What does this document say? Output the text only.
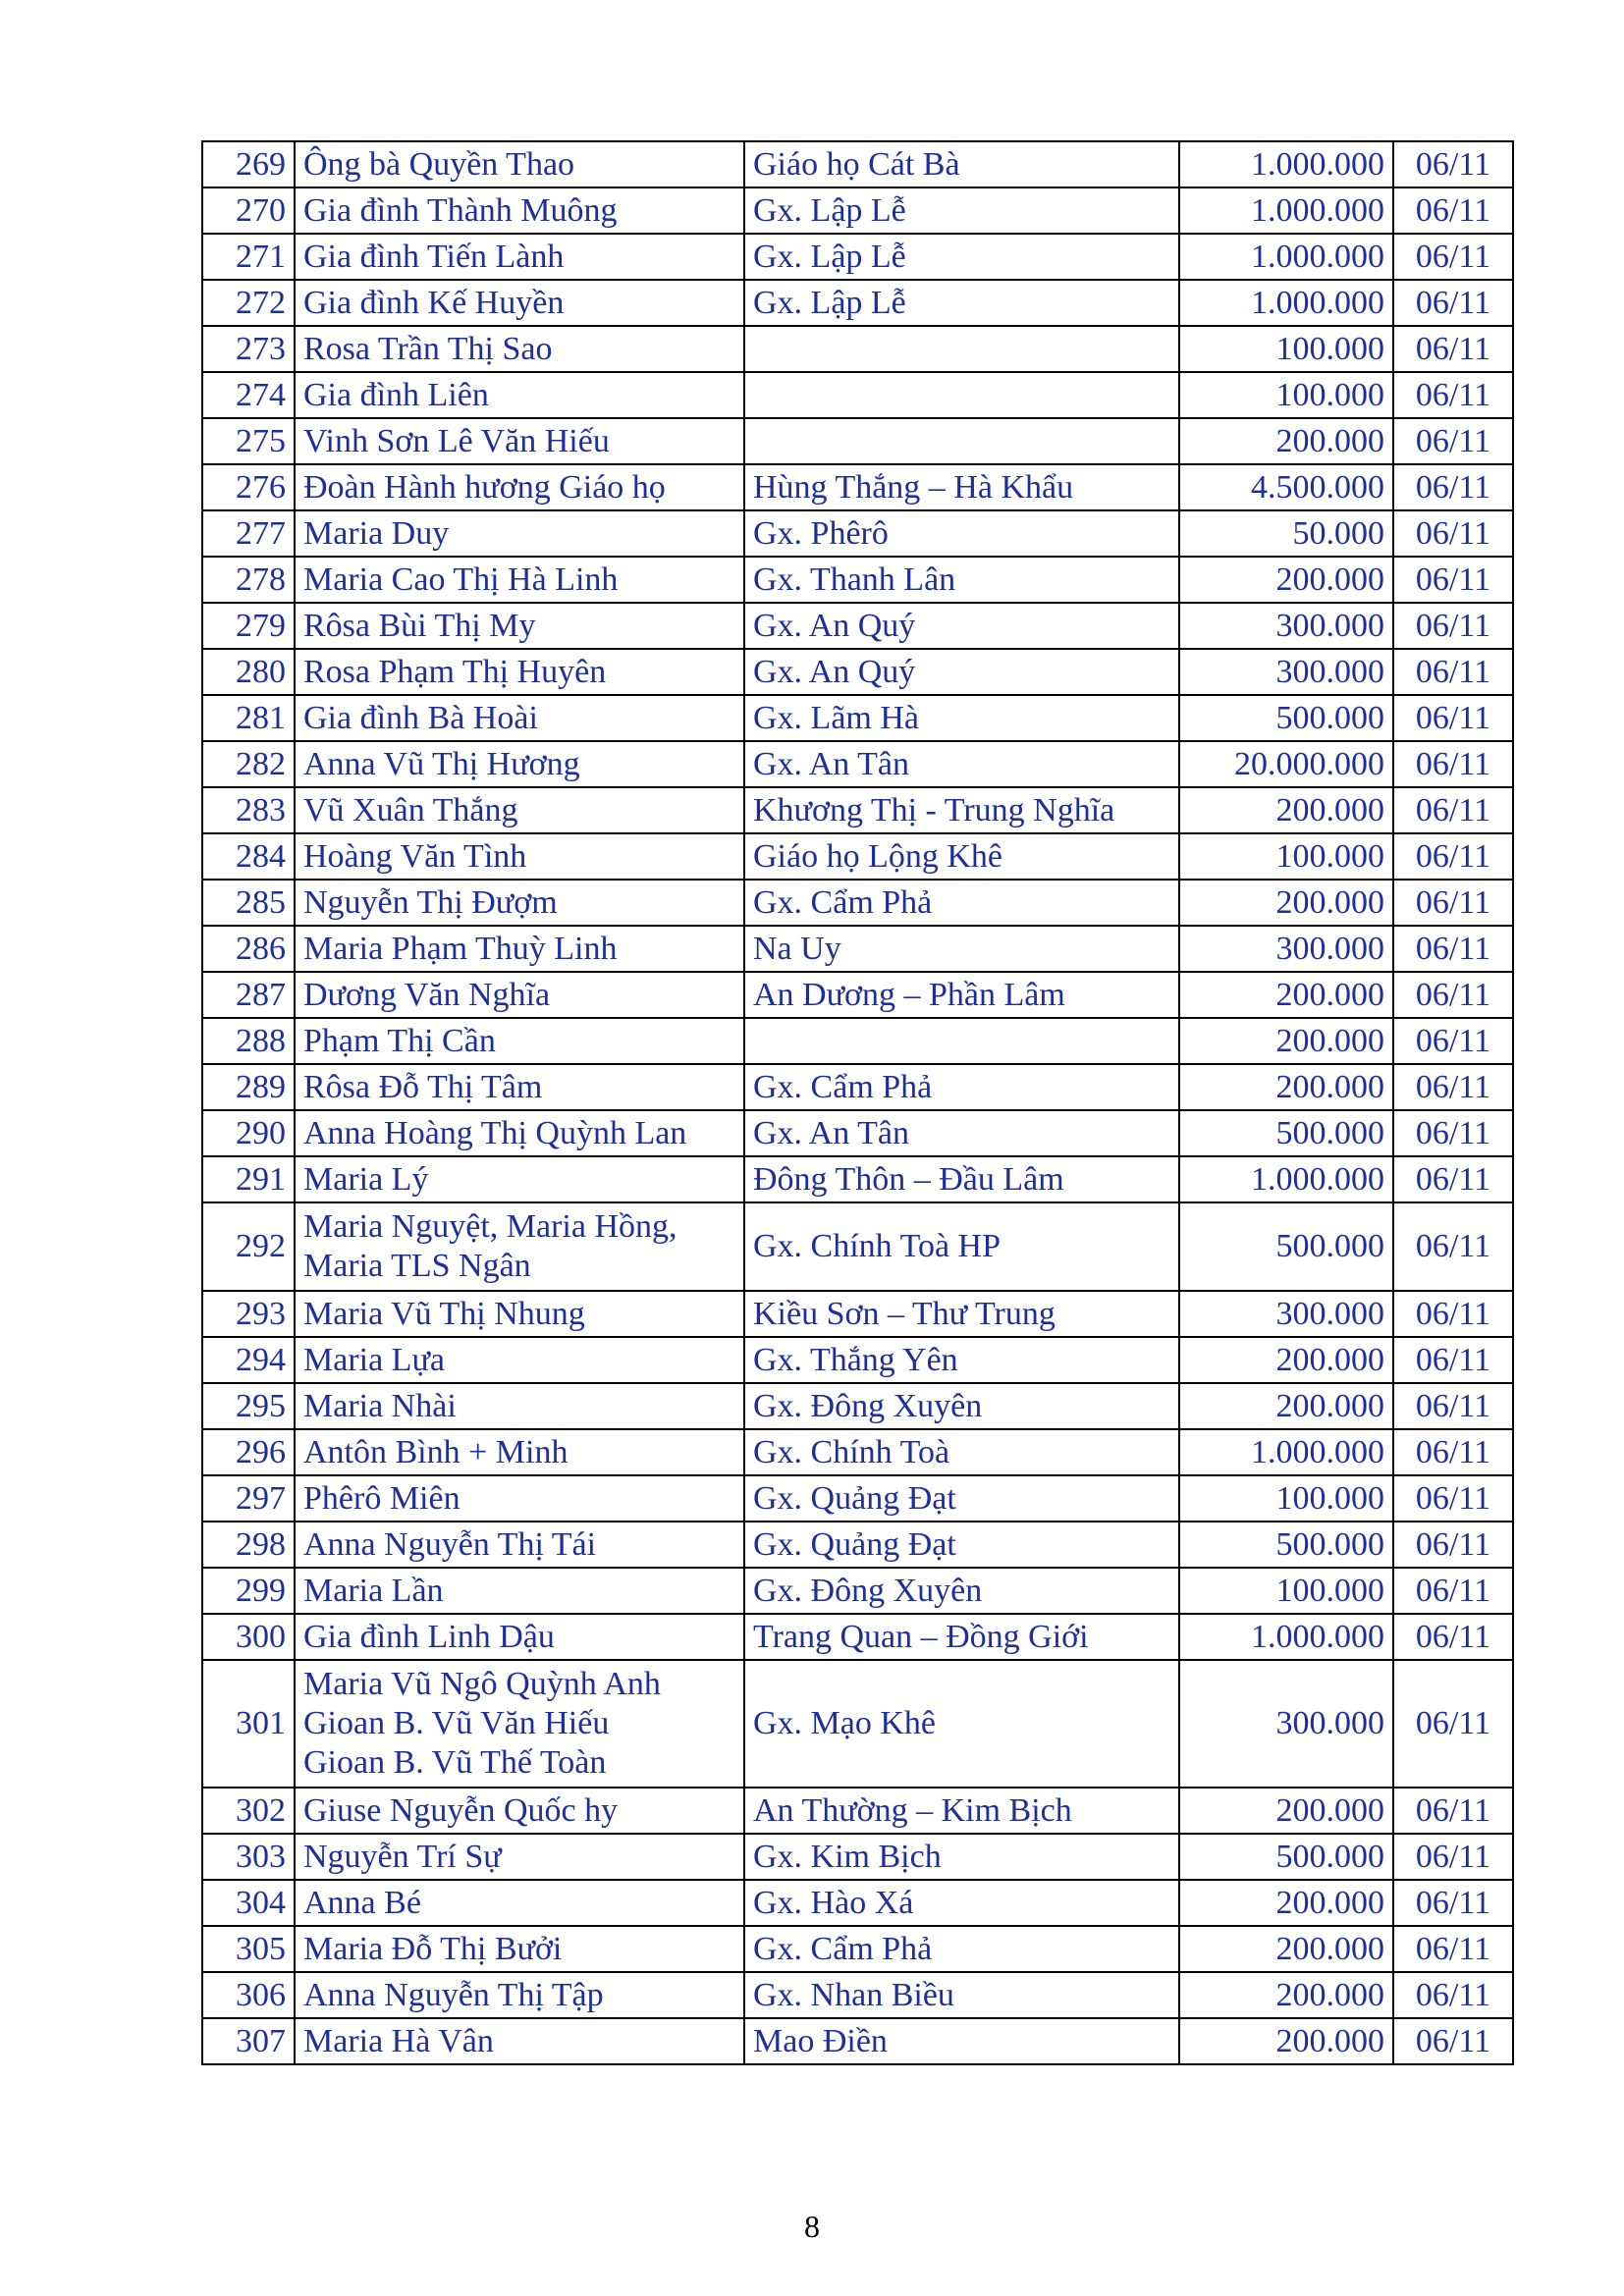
269	Ông bà Quyền Thao	Giáo họ Cát Bà	1.000.000	06/11
270	Gia đình Thành Muông	Gx. Lập Lễ	1.000.000	06/11
271	Gia đình Tiến Lành	Gx. Lập Lễ	1.000.000	06/11
272	Gia đình Kế Huyền	Gx. Lập Lễ	1.000.000	06/11
273	Rosa Trần Thị Sao		100.000	06/11
274	Gia đình Liên		100.000	06/11
275	Vinh Sơn Lê Văn Hiếu		200.000	06/11
276	Đoàn Hành hương Giáo họ	Hùng Thắng – Hà Khẩu	4.500.000	06/11
277	Maria Duy	Gx. Phêrô	50.000	06/11
278	Maria Cao Thị Hà Linh	Gx. Thanh Lân	200.000	06/11
279	Rôsa Bùi Thị My	Gx. An Quý	300.000	06/11
280	Rosa Phạm Thị Huyên	Gx. An Quý	300.000	06/11
281	Gia đình Bà Hoài	Gx. Lãm Hà	500.000	06/11
282	Anna Vũ Thị Hương	Gx. An Tân	20.000.000	06/11
283	Vũ Xuân Thắng	Khương Thị - Trung Nghĩa	200.000	06/11
284	Hoàng Văn Tình	Giáo họ Lộng Khê	100.000	06/11
285	Nguyễn Thị Đượm	Gx. Cẩm Phả	200.000	06/11
286	Maria Phạm Thuỳ Linh	Na Uy	300.000	06/11
287	Dương Văn Nghĩa	An Dương – Phần Lâm	200.000	06/11
288	Phạm Thị Cần		200.000	06/11
289	Rôsa Đỗ Thị Tâm	Gx. Cẩm Phả	200.000	06/11
290	Anna Hoàng Thị Quỳnh Lan	Gx. An Tân	500.000	06/11
291	Maria Lý	Đông Thôn – Đầu Lâm	1.000.000	06/11
292	Maria Nguyệt, Maria Hồng,
Maria TLS Ngân	Gx. Chính Toà HP	500.000	06/11
293	Maria Vũ Thị Nhung	Kiều Sơn – Thư Trung	300.000	06/11
294	Maria Lựa	Gx. Thắng Yên	200.000	06/11
295	Maria Nhài	Gx. Đông Xuyên	200.000	06/11
296	Antôn Bình + Minh	Gx. Chính Toà	1.000.000	06/11
297	Phêrô Miên	Gx. Quảng Đạt	100.000	06/11
298	Anna Nguyễn Thị Tái	Gx. Quảng Đạt	500.000	06/11
299	Maria Lần	Gx. Đông Xuyên	100.000	06/11
300	Gia đình Linh Dậu	Trang Quan – Đồng Giới	1.000.000	06/11
301	Maria Vũ Ngô Quỳnh Anh
Gioan B. Vũ Văn Hiếu
Gioan B. Vũ Thế Toàn	Gx. Mạo Khê	300.000	06/11
302	Giuse Nguyễn Quốc hy	An Thường – Kim Bịch	200.000	06/11
303	Nguyễn Trí Sự	Gx. Kim Bịch	500.000	06/11
304	Anna Bé	Gx. Hào Xá	200.000	06/11
305	Maria Đỗ Thị Bưởi	Gx. Cẩm Phả	200.000	06/11
306	Anna Nguyễn Thị Tập	Gx. Nhan Biều	200.000	06/11
307	Maria Hà Vân	Mao Điền	200.000	06/11
8
